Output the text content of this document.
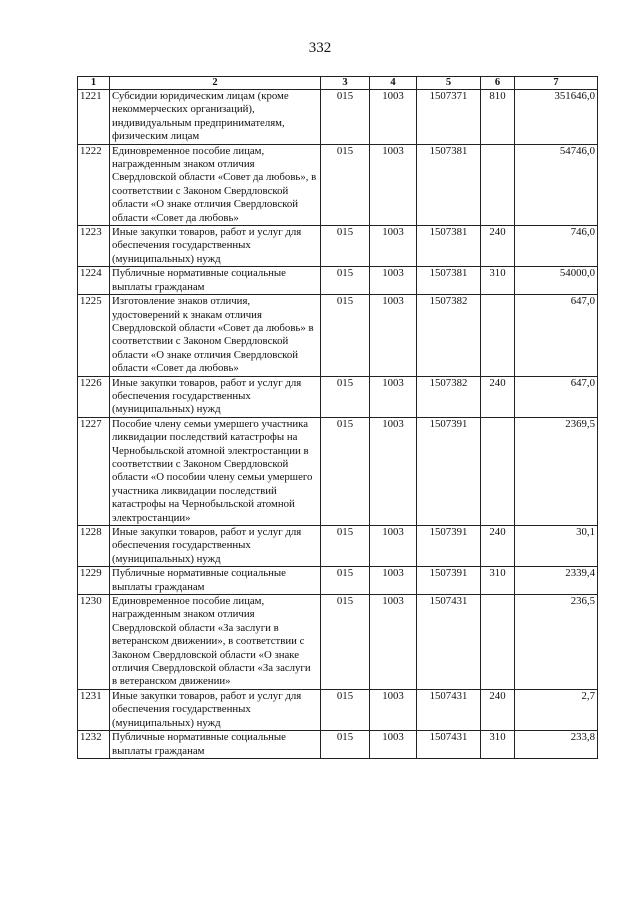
332
1	2	3	4	5	6	7
1221	Субсидии юридическим лицам (кроме некоммерческих организаций), индивидуальным предпринимателям, физическим лицам	015	1003	1507371	810	351646,0
1222	Единовременное пособие лицам, награжденным знаком отличия Свердловской области «Совет да любовь», в соответствии с Законом Свердловской области «О знаке отличия Свердловской области «Совет да любовь»	015	1003	1507381		54746,0
1223	Иные закупки товаров, работ и услуг для обеспечения государственных (муниципальных) нужд	015	1003	1507381	240	746,0
1224	Публичные нормативные социальные выплаты гражданам	015	1003	1507381	310	54000,0
1225	Изготовление знаков отличия, удостоверений к знакам отличия Свердловской области «Совет да любовь» в соответствии с Законом Свердловской области «О знаке отличия Свердловской области «Совет да любовь»	015	1003	1507382		647,0
1226	Иные закупки товаров, работ и услуг для обеспечения государственных (муниципальных) нужд	015	1003	1507382	240	647,0
1227	Пособие члену семьи умершего участника ликвидации последствий катастрофы на Чернобыльской атомной электростанции в соответствии с Законом Свердловской области «О пособии члену семьи умершего участника ликвидации последствий катастрофы на Чернобыльской атомной электростанции»	015	1003	1507391		2369,5
1228	Иные закупки товаров, работ и услуг для обеспечения государственных (муниципальных) нужд	015	1003	1507391	240	30,1
1229	Публичные нормативные социальные выплаты гражданам	015	1003	1507391	310	2339,4
1230	Единовременное пособие лицам, награжденным знаком отличия Свердловской области «За заслуги в ветеранском движении», в соответствии с Законом Свердловской области «О знаке отличия Свердловской области «За заслуги в ветеранском движении»	015	1003	1507431		236,5
1231	Иные закупки товаров, работ и услуг для обеспечения государственных (муниципальных) нужд	015	1003	1507431	240	2,7
1232	Публичные нормативные социальные выплаты гражданам	015	1003	1507431	310	233,8
